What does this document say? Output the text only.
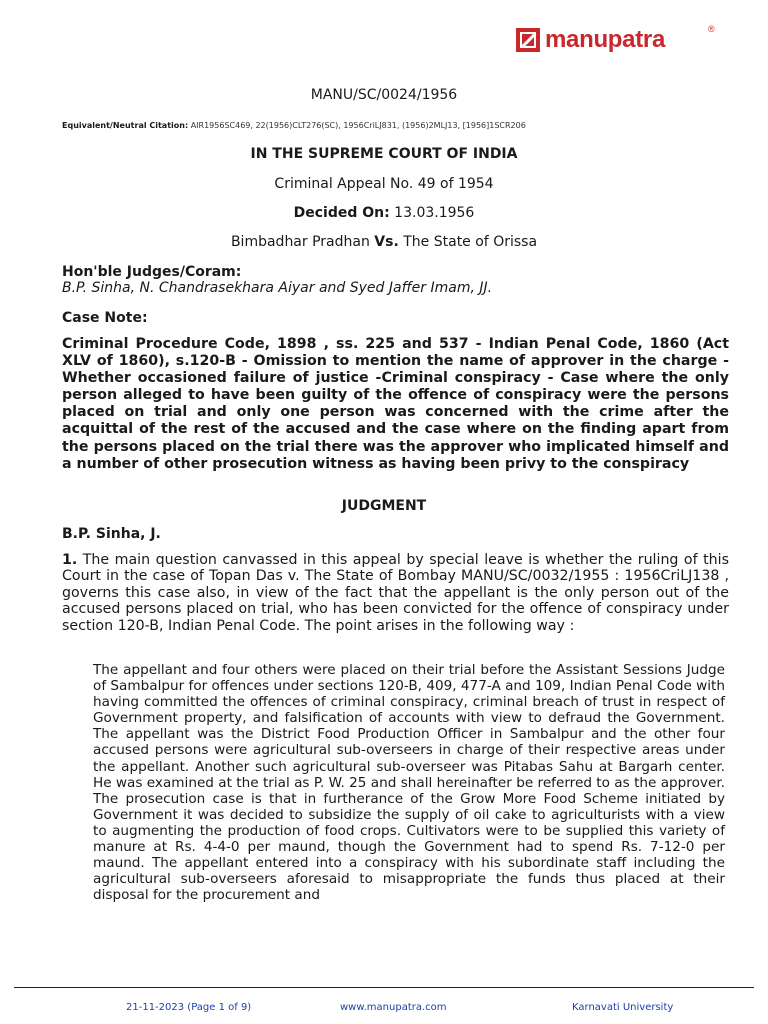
manupatra	®
MANU/SC/0024/1956
Equivalent/Neutral Citation: AIR1956SC469, 22(1956)CLT276(SC), 1956CriLJ831, (1956)2MLJ13, [1956]1SCR206
IN THE SUPREME COURT OF INDIA
Criminal Appeal No. 49 of 1954
Decided On: 13.03.1956
Bimbadhar Pradhan Vs. The State of Orissa
Hon'ble Judges/Coram:
B.P. Sinha, N. Chandrasekhara Aiyar and Syed Jaffer Imam, JJ.
Case Note:
Criminal Procedure Code, 1898 , ss. 225 and 537 - Indian Penal Code, 1860 (Act XLV of 1860), s.120-B - Omission to mention the name of approver in the charge - Whether occasioned failure of justice -Criminal conspiracy - Case where the only person alleged to have been guilty of the offence of conspiracy were the persons placed on trial and only one person was concerned with the crime after the acquittal of the rest of the accused and the case where on the finding apart from the persons placed on the trial there was the approver who implicated himself and a number of other prosecution witness as having been privy to the conspiracy
JUDGMENT
B.P. Sinha, J.
1. The main question canvassed in this appeal by special leave is whether the ruling of this Court in the case of Topan Das v. The State of Bombay MANU/SC/0032/1955 : 1956CriLJ138 , governs this case also, in view of the fact that the appellant is the only person out of the accused persons placed on trial, who has been convicted for the offence of conspiracy under section 120-B, Indian Penal Code. The point arises in the following way :
The appellant and four others were placed on their trial before the Assistant Sessions Judge of Sambalpur for offences under sections 120-B, 409, 477-A and 109, Indian Penal Code with having committed the offences of criminal conspiracy, criminal breach of trust in respect of Government property, and falsification of accounts with view to defraud the Government. The appellant was the District Food Production Officer in Sambalpur and the other four accused persons were agricultural sub-overseers in charge of their respective areas under the appellant. Another such agricultural sub-overseer was Pitabas Sahu at Bargarh center. He was examined at the trial as P. W. 25 and shall hereinafter be referred to as the approver. The prosecution case is that in furtherance of the Grow More Food Scheme initiated by Government it was decided to subsidize the supply of oil cake to agriculturists with a view to augmenting the production of food crops. Cultivators were to be supplied this variety of manure at Rs. 4-4-0 per maund, though the Government had to spend Rs. 7-12-0 per maund. The appellant entered into a conspiracy with his subordinate staff including the agricultural sub-overseers aforesaid to misappropriate the funds thus placed at their disposal for the procurement and
21-11-2023 (Page 1 of 9)	www.manupatra.com	Karnavati University
